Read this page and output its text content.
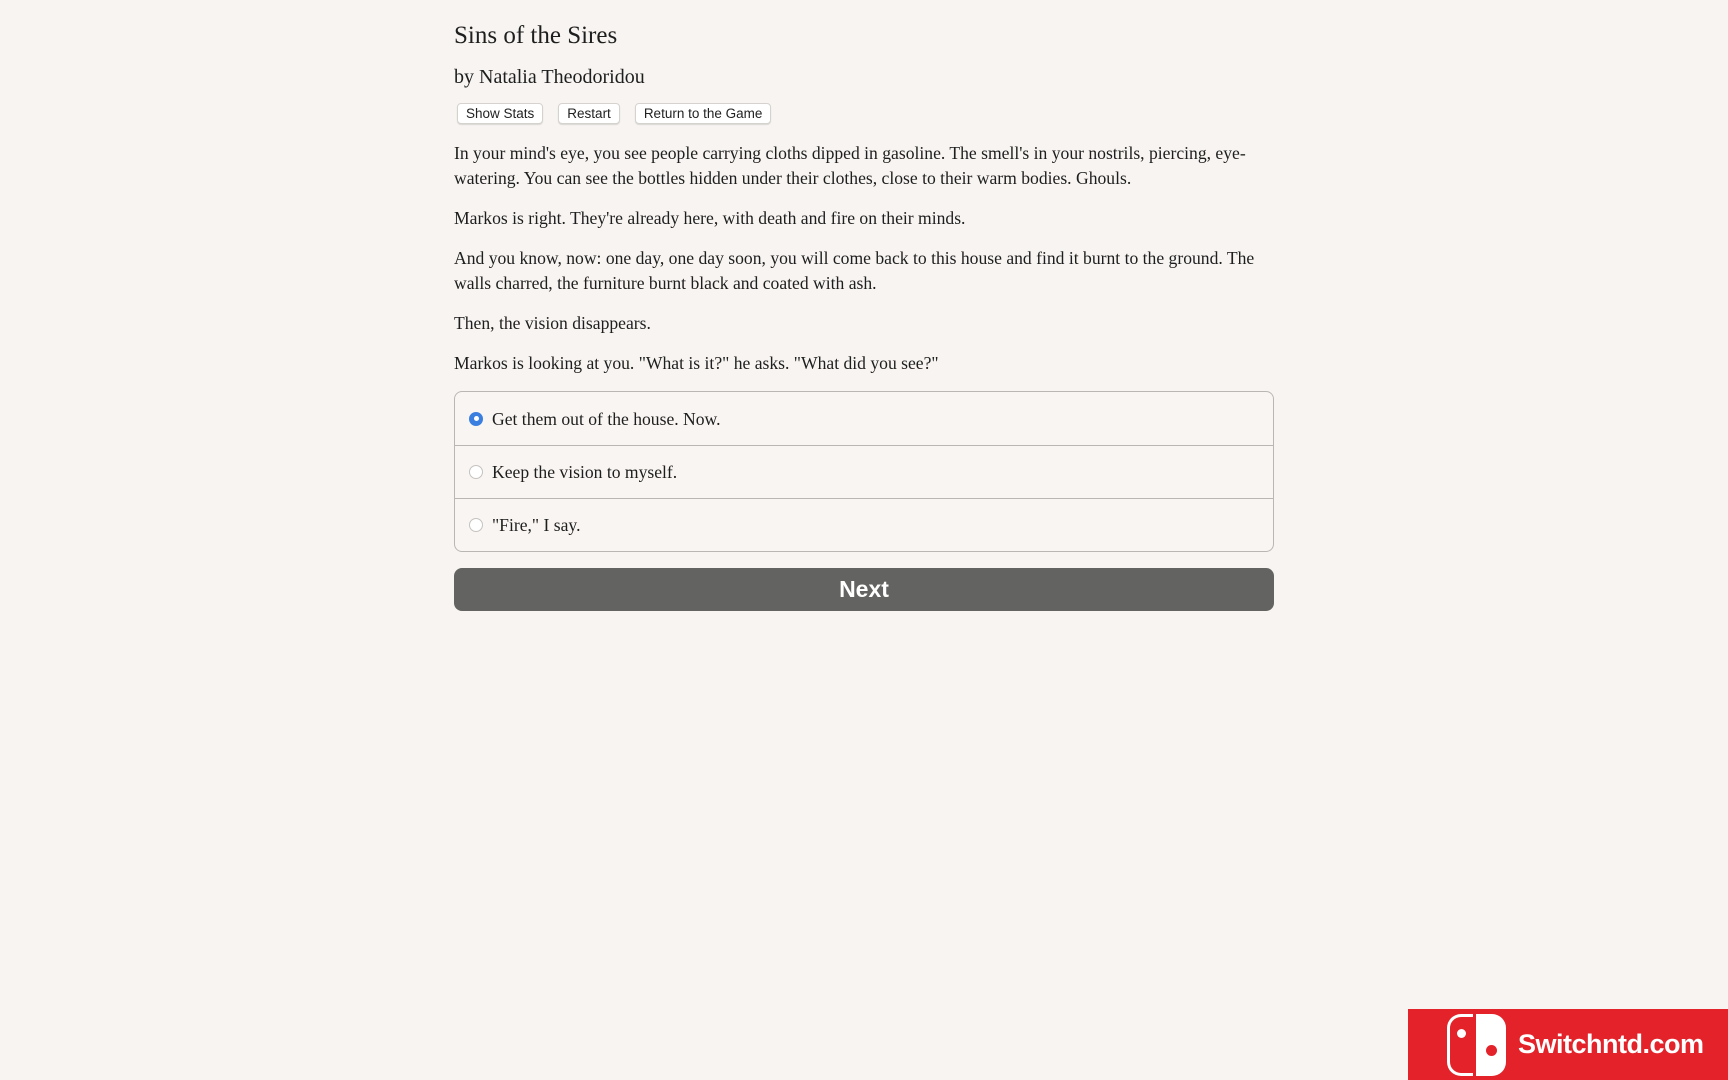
Sins of the Sires
by Natalia Theodoridou
Show Stats	Restart	Return to the Game

In your mind's eye, you see people carrying cloths dipped in gasoline. The smell's in your nostrils, piercing, eye-watering. You can see the bottles hidden under their clothes, close to their warm bodies. Ghouls.

Markos is right. They're already here, with death and fire on their minds.

And you know, now: one day, one day soon, you will come back to this house and find it burnt to the ground. The walls charred, the furniture burnt black and coated with ash.

Then, the vision disappears.

Markos is looking at you. "What is it?" he asks. "What did you see?"

Get them out of the house. Now.
Keep the vision to myself.
"Fire," I say.
Next
Switchntd.com
